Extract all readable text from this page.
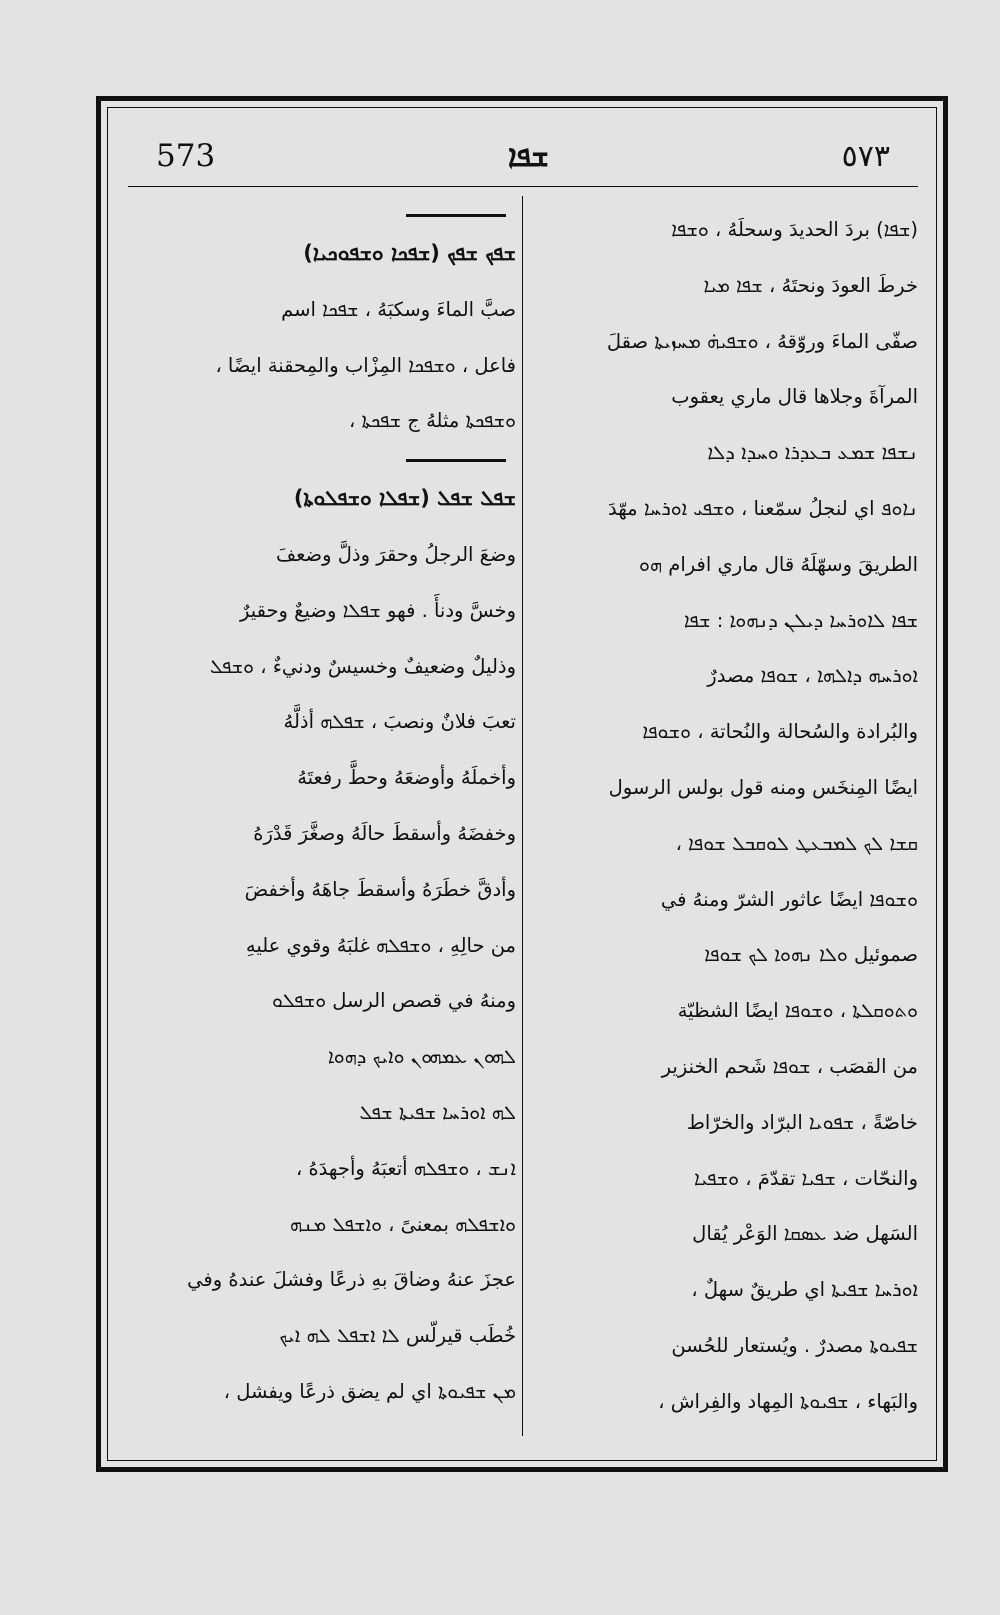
573	ܫܦܐ	٥٧٣
(ܫܦܐ) بردَ الحديدَ وسحلَهُ ، ܘܫܦܐ
خرطَ العودَ ونحتَهُ ، ܫܦܐ ܡܝܐ
صفّى الماءَ وروّقهُ ، ܘܫܦܝܗ̇ ܡܚܙܝܬܐ صقلَ
المرآةَ وجلاها قال ماري يعقوب
ܢܫܦܐ ܫܡܥ ܒܥܕܪܐ ܘܚܕܐ ܕܠܐ
ܢܐܘܦ اي لنجلُ سمّعنا ، ܘܫܦܝ ܐܘܪܚܐ مهّدَ
الطريقَ وسهّلَهُ قال ماري افرام ܗܘ
ܫܦܐ ܠܐܘܪܚܐ ܕܝܠܢ ܕܢܗܘܐ : ܫܦܐ
ܐܘܪܚܗ ܕܐܠܗܐ ، ܫܘܦܐ مصدرٌ
والبُرادة والسُحالة والنُحاتة ، ܘܫܘܦܐ
ايضًا المِنخَس ومنه قول بولس الرسول
ܩܫܐ ܠܟ ܠܡܒܥܛ ܠܘܩܒܠ ܫܘܦܐ ،
ܘܫܘܦܐ ايضًا عاثور الشرّ ومنهُ في
صموئيل ܘܠܐ ܢܗܘܐ ܠܟ ܫܘܦܐ
ܘܬܘܩܠܬܐ ، ܘܫܘܦܐ ايضًا الشظيّة
من القصَب ، ܫܘܦܐ شَحم الخنزير
خاصّةً ، ܫܦܘܝܐ البرّاد والخرّاط
والنحّات ، ܫܦܝܐ تقدّمَ ، ܘܫܦܝܐ
السَهل ضد ܥܣܩܐ الوَعْر يُقال
ܐܘܪܚܐ ܫܦܝܬܐ اي طريقٌ سهلٌ ،
ܫܦܝܘܬܐ مصدرٌ . ويُستعار للحُسن
والبَهاء ، ܫܦܝܘܬܐ المِهاد والفِراش ،
ܫܦܟ ܫܦܟ (ܫܦܟܐ ܘܫܦܘܟܝܐ)
صبَّ الماءَ وسكبَهُ ، ܫܦܟܐ اسم
فاعل ، ܘܫܦܟܐ المِزْاب والمِحقنة ايضًا ،
ܘܫܦܟܬܐ مثلهُ ج ܫܦܟܬܐ ،
ܫܦܠ ܫܦܠ (ܫܦܠܐ ܘܫܦܠܘܬܐ)
وضعَ الرجلُ وحقرَ وذلَّ وضعفَ
وخسَّ ودنأَ . فهو ܫܦܠܐ وضيعٌ وحقيرٌ
وذليلٌ وضعيفٌ وخسيسٌ ودنيءٌ ، ܘܫܦܠ
تعبَ فلانٌ ونصبَ ، ܫܦܠܗ أذلَّهُ
وأخملَهُ وأوضعَهُ وحطَّ رفعتَهُ
وخفضَهُ وأسقطَ حالَهُ وصغَّرَ قَدْرَهُ
وأدقَّ خطَرَهُ وأسقطَ جاهَهُ وأخفضَ
من حالِهِ ، ܘܫܦܠܗ غلبَهُ وقوي عليهِ
ومنهُ في قصص الرسل ܘܫܦܠܘ
ܠܗܘܢ ܥܡܗܘܢ ܘܐܝܟ ܕܗܘܐ
ܠܗ ܐܘܪܚܐ ܫܦܝܬܐ ܫܦܠ
ܐܢܫ ، ܘܫܦܠܗ أتعبَهُ وأجهدَهُ ،
ܘܐܫܦܠܗ بمعنىً ، ܘܐܫܦܠ ܡܢܗ
عجزَ عنهُ وضاقَ بهِ ذرعًا وفشلَ عندهُ وفي
خُطَب قيرلّس ܠܐ ܐܫܦܠ ܠܗ ܐܝܟ
ܡܢ ܫܦܝܘܬܐ اي لم يضق ذرعًا ويفشل ،
